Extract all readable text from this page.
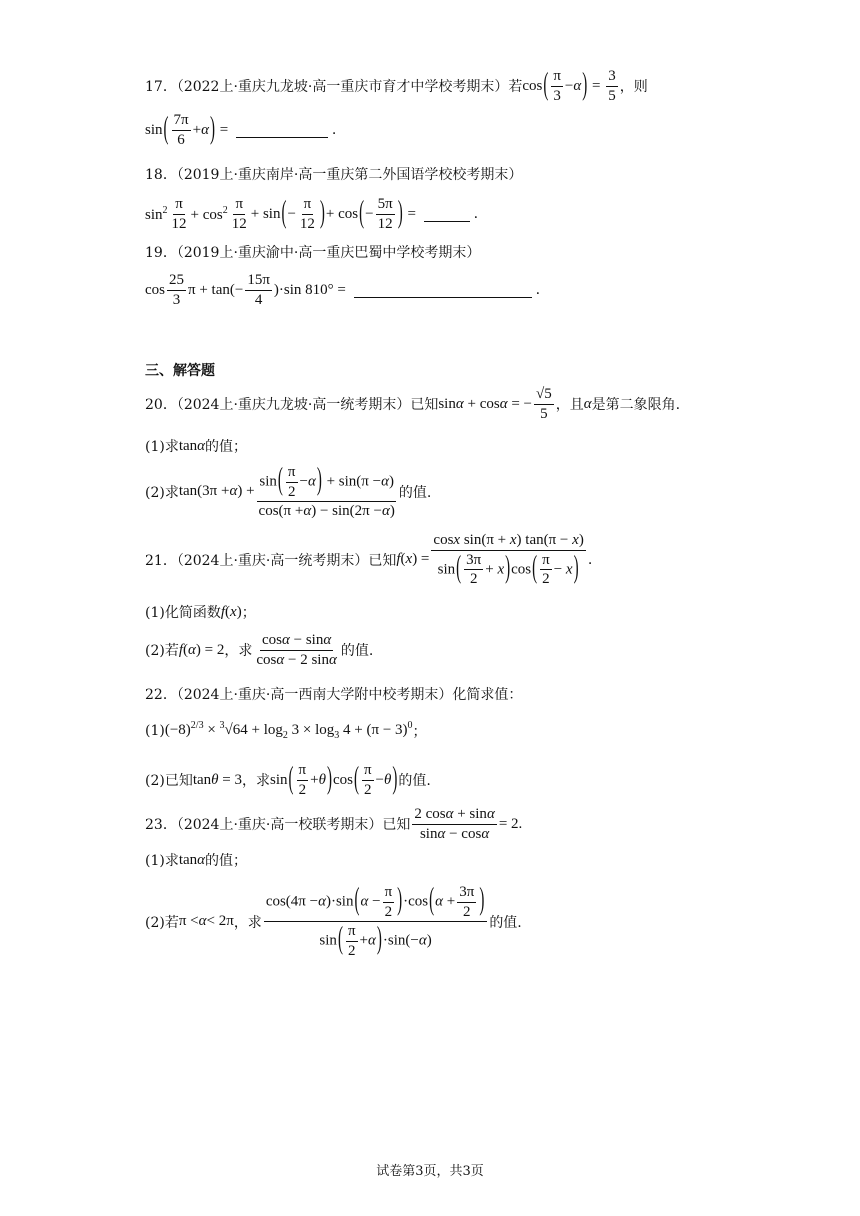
17．（2022上·重庆九龙坡·高一重庆市育才中学校考期末）若 cos ( $\frac{\pi}{3} - \alpha$ ) = $\frac{3}{5}$ ，则
sin ( $\frac{7\pi}{6} + \alpha$ ) =	.
18．（2019上·重庆南岸·高一重庆第二外国语学校校考期末）
$\sin^2 \frac{\pi}{12} + \cos^2 \frac{\pi}{12} + \sin$ ( − $\frac{\pi}{12}$ ) + cos ( − $\frac{5\pi}{12}$ ) =	.
19．（2019上·重庆渝中·高一重庆巴蜀中学校考期末）
$\cos \frac{25}{3}$ $\pi + \tan(- \frac{15\pi}{4} )\cdot\sin$ 810° =	.
三、解答题
20．（2024上·重庆九龙坡·高一统考期末）已知 sin α + cos α = − $\frac{√5}{5}$ ，且 α 是第二象限角.
(1)求 tan α 的值；
(2)求 tan(3π + α ) + $\frac{\sin( \frac{\pi}{2} -\alpha) + \sin(\pi -\alpha)}{\cos(\pi +\alpha) - \sin(2\pi -\alpha)}$ 的值.
21．（2024上·重庆·高一统考期末）已知 f ( x ) = $\frac{\text{cosx sin(π + x) tan(π − x)}}{\sin( \frac{3\pi}{2} + x)\cos( \frac{\pi}{2} - x)}$ .
(1)化简函数 f ( x ) ；
(2)若 f ( α ) = 2 ，求 $\frac{\cos\alpha - \sin\alpha}{\cos\alpha - 2 \sin\alpha}$ 的值.
22．（2024上·重庆·高一西南大学附中校考期末）化简求值：
(1) $(-8)^{2/3} \times ^3√64 + \log_2 3 \times \log_3 4 + (\pi - 3)^0$ ；
(2)已知 tan θ = 3 ，求 sin ( $\frac{\pi}{2} + \theta$ ) cos ( $\frac{\pi}{2} - \theta$ ) 的值.
23．（2024上·重庆·高一校联考期末）已知 $\frac{2 \cos\alpha + \sin\alpha}{\sin\alpha - \cos\alpha} = 2$.
(1)求 tan α 的值；
(2)若 π < α < 2π ，求 $\frac{\cos(4\pi -\alpha)\cdot\sin(\alpha - \frac{\pi}{2} )\cdot\cos(\alpha + \frac{3\pi}{2} )}{\sin( \frac{\pi}{2} +\alpha)\cdot\sin(-\alpha)}$ 的值.
试卷第3页，共3页
